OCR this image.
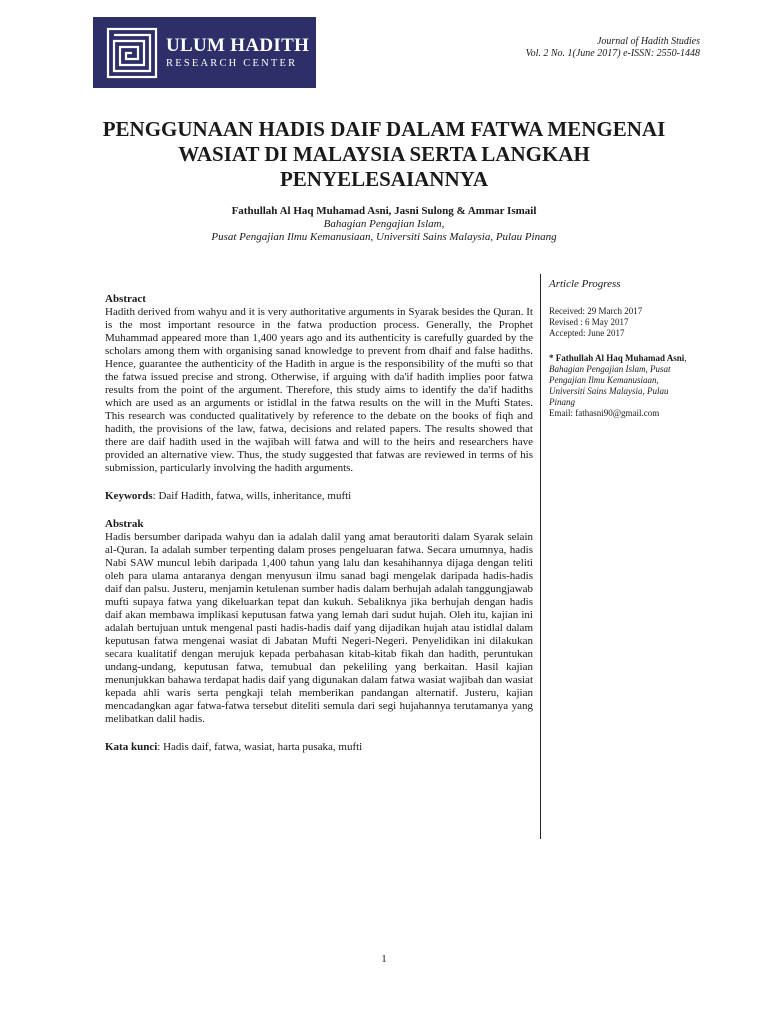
ULUM HADITH
RESEARCH CENTER
Journal of Hadith Studies
Vol. 2 No. 1(June 2017) e-ISSN: 2550-1448
PENGGUNAAN HADIS DAIF DALAM FATWA MENGENAI WASIAT DI MALAYSIA SERTA LANGKAH PENYELESAIANNYA
Fathullah Al Haq Muhamad Asni, Jasni Sulong & Ammar Ismail
Bahagian Pengajian Islam,
Pusat Pengajian Ilmu Kemanusiaan, Universiti Sains Malaysia, Pulau Pinang
Abstract

Hadith derived from wahyu and it is very authoritative arguments in Syarak besides the Quran. It is the most important resource in the fatwa production process. Generally, the Prophet Muhammad appeared more than 1,400 years ago and its authenticity is carefully guarded by the scholars among them with organising sanad knowledge to prevent from dhaif and false hadiths. Hence, guarantee the authenticity of the Hadith in argue is the responsibility of the mufti so that the fatwa issued precise and strong. Otherwise, if arguing with da'if hadith implies poor fatwa results from the point of the argument. Therefore, this study aims to identify the da'if hadiths which are used as an arguments or istidlal in the fatwa results on the will in the Mufti States. This research was conducted qualitatively by reference to the debate on the books of fiqh and hadith, the provisions of the law, fatwa, decisions and related papers. The results showed that there are daif hadith used in the wajibah will fatwa and will to the heirs and researchers have provided an alternative view. Thus, the study suggested that fatwas are reviewed in terms of his submission, particularly involving the hadith arguments.

Keywords: Daif Hadith, fatwa, wills, inheritance, mufti

Abstrak

Hadis bersumber daripada wahyu dan ia adalah dalil yang amat berautoriti dalam Syarak selain al-Quran. Ia adalah sumber terpenting dalam proses pengeluaran fatwa. Secara umumnya, hadis Nabi SAW muncul lebih daripada 1,400 tahun yang lalu dan kesahihannya dijaga dengan teliti oleh para ulama antaranya dengan menyusun ilmu sanad bagi mengelak daripada hadis-hadis daif dan palsu. Justeru, menjamin ketulenan sumber hadis dalam berhujah adalah tanggungjawab mufti supaya fatwa yang dikeluarkan tepat dan kukuh. Sebaliknya jika berhujah dengan hadis daif akan membawa implikasi keputusan fatwa yang lemah dari sudut hujah. Oleh itu, kajian ini adalah bertujuan untuk mengenal pasti hadis-hadis daif yang dijadikan hujah atau istidlal dalam keputusan fatwa mengenai wasiat di Jabatan Mufti Negeri-Negeri. Penyelidikan ini dilakukan secara kualitatif dengan merujuk kepada perbahasan kitab-kitab fikah dan hadith, peruntukan undang-undang, keputusan fatwa, temubual dan pekeliling yang berkaitan. Hasil kajian menunjukkan bahawa terdapat hadis daif yang digunakan dalam fatwa wasiat wajibah dan wasiat kepada ahli waris serta pengkaji telah memberikan pandangan alternatif. Justeru, kajian mencadangkan agar fatwa-fatwa tersebut diteliti semula dari segi hujahannya terutamanya yang melibatkan dalil hadis.

Kata kunci: Hadis daif, fatwa, wasiat, harta pusaka, mufti

Article Progress
Received: 29 March 2017
Revised : 6 May 2017
Accepted: June 2017
* Fathullah Al Haq Muhamad Asni, Bahagian Pengajian Islam, Pusat Pengajian Ilmu Kemanusiaan, Universiti Sains Malaysia, Pulau Pinang
Email: fathasni90@gmail.com
1
